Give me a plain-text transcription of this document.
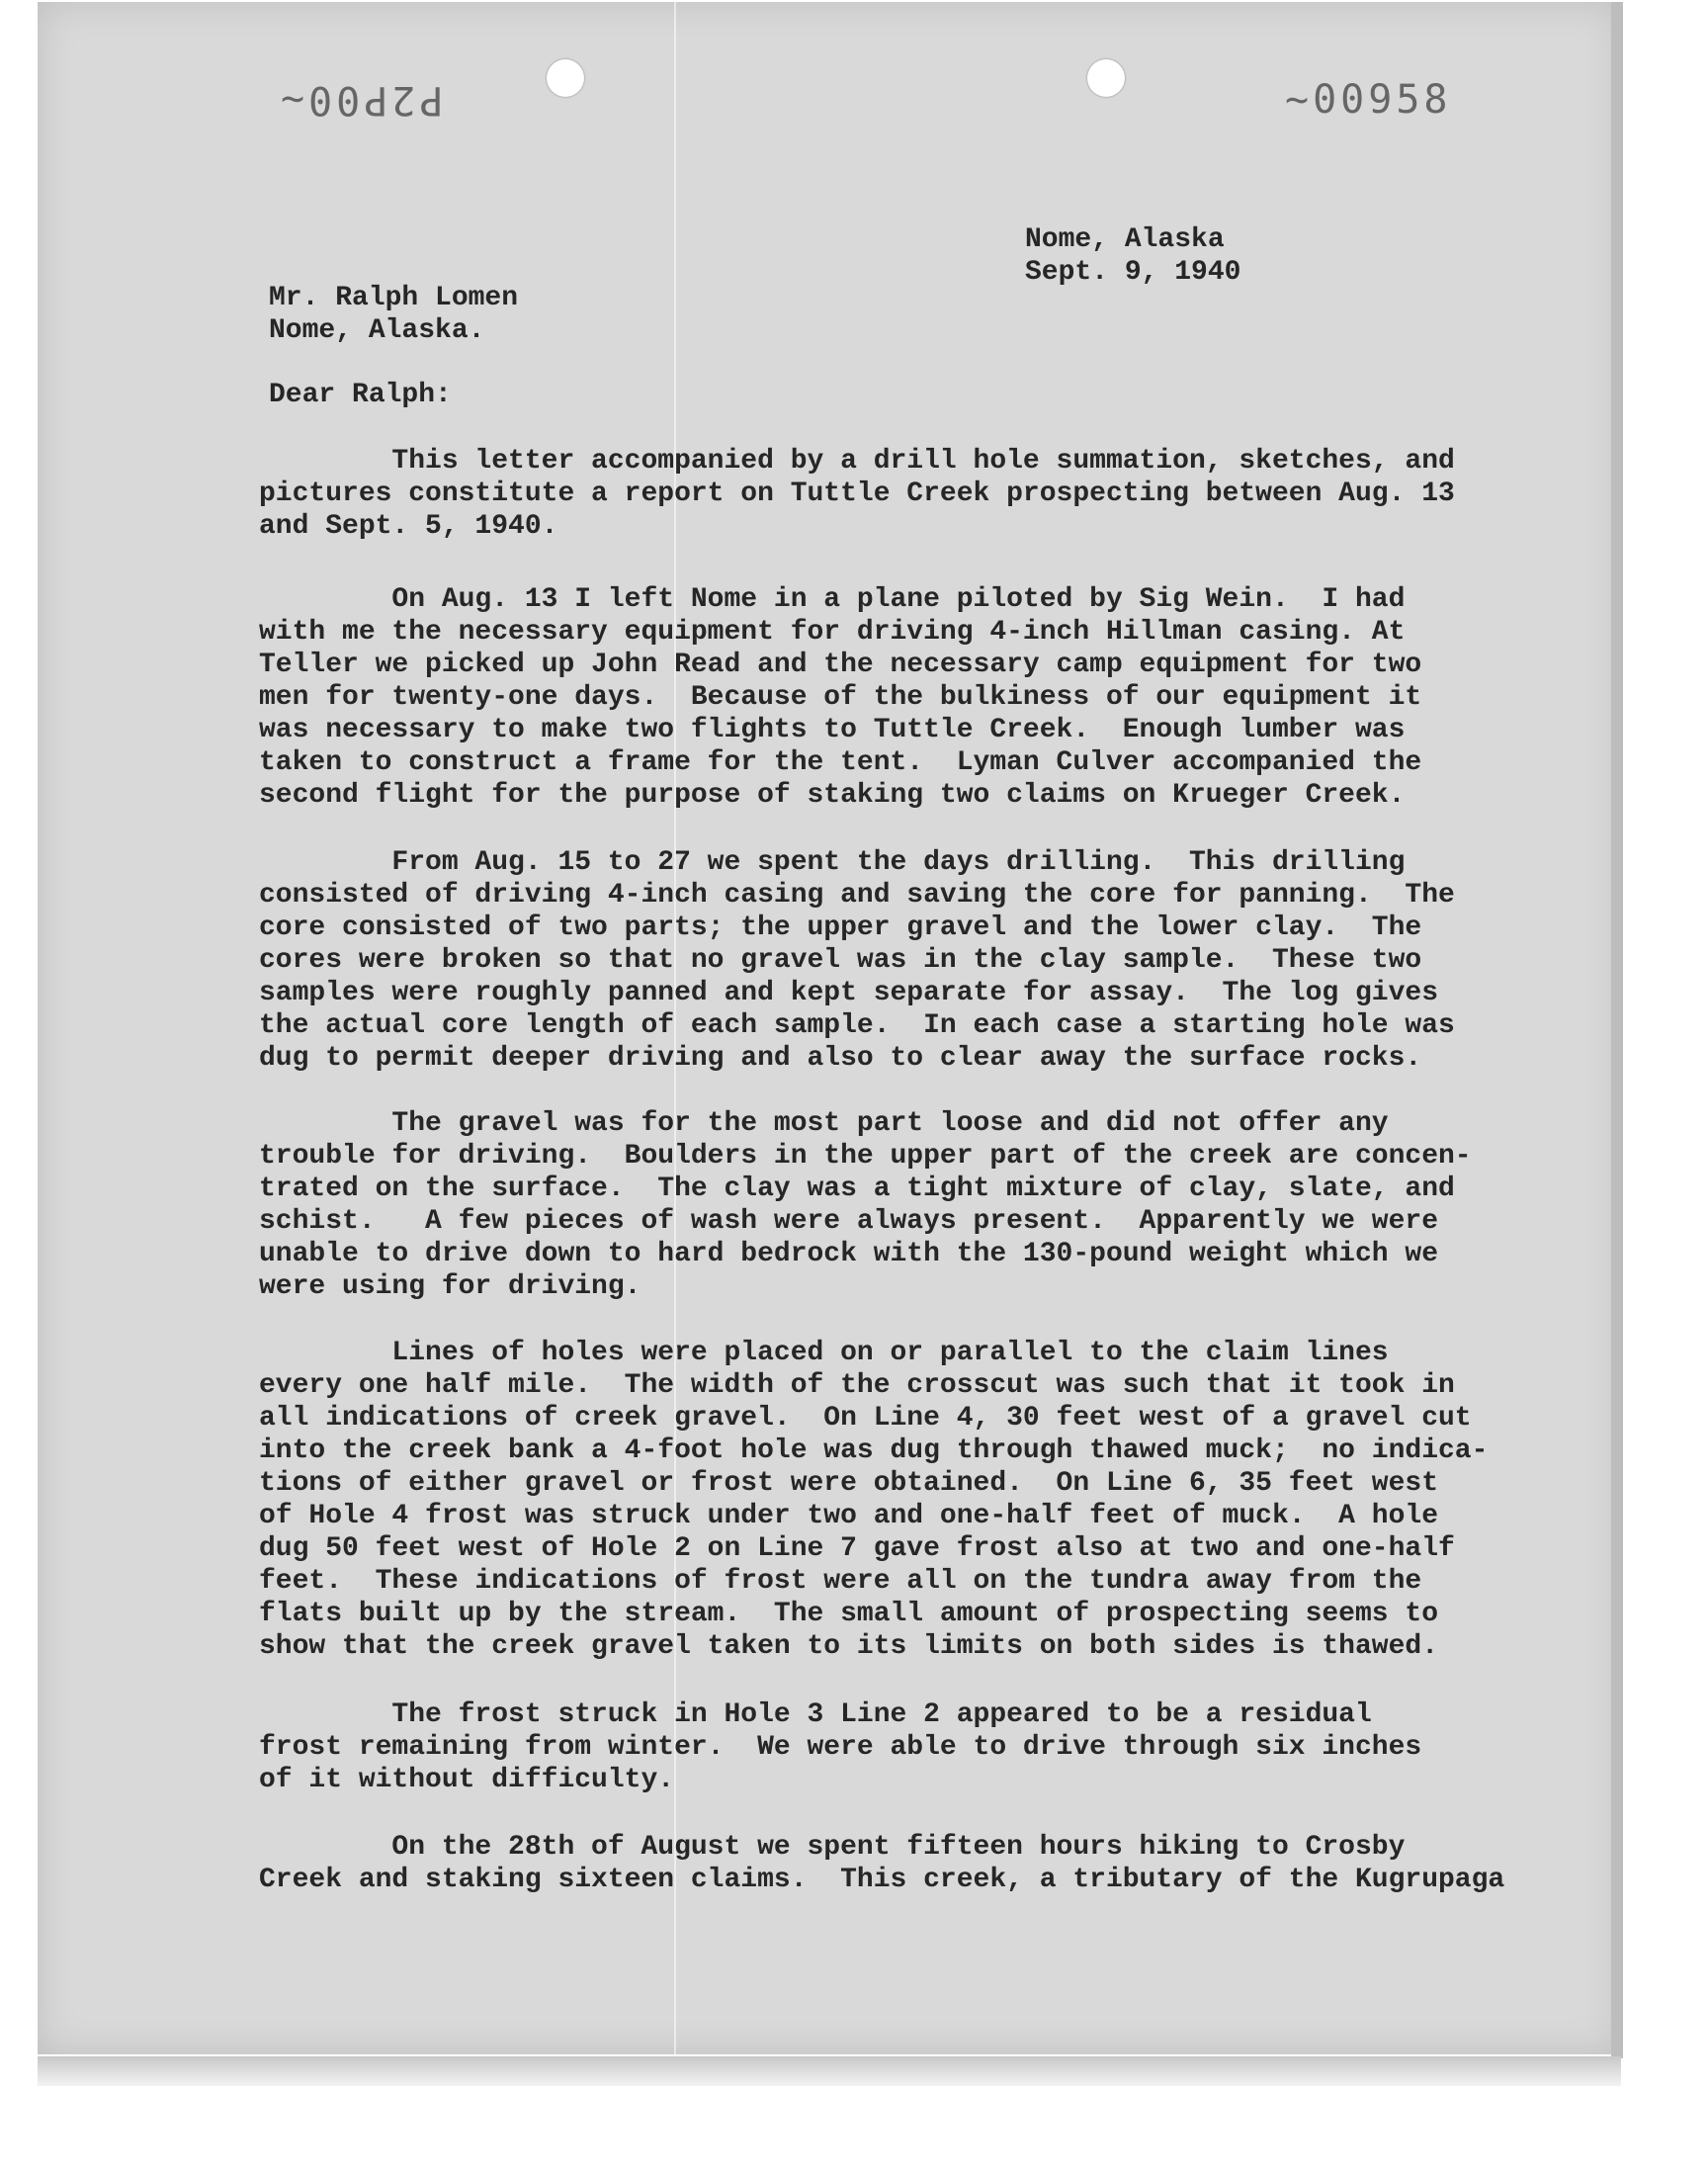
P2P00~	~00958
Nome, Alaska
Sept. 9, 1940
Mr. Ralph Lomen
Nome, Alaska.
Dear Ralph:
This letter accompanied by a drill hole summation, sketches, and
pictures constitute a report on Tuttle Creek prospecting between Aug. 13
and Sept. 5, 1940.
On Aug. 13 I left Nome in a plane piloted by Sig Wein.  I had
with me the necessary equipment for driving 4-inch Hillman casing. At
Teller we picked up John Read and the necessary camp equipment for two
men for twenty-one days.  Because of the bulkiness of our equipment it
was necessary to make two flights to Tuttle Creek.  Enough lumber was
taken to construct a frame for the tent.  Lyman Culver accompanied the
second flight for the purpose of staking two claims on Krueger Creek.
From Aug. 15 to 27 we spent the days drilling.  This drilling
consisted of driving 4-inch casing and saving the core for panning.  The
core consisted of two parts; the upper gravel and the lower clay.  The
cores were broken so that no gravel was in the clay sample.  These two
samples were roughly panned and kept separate for assay.  The log gives
the actual core length of each sample.  In each case a starting hole was
dug to permit deeper driving and also to clear away the surface rocks.
The gravel was for the most part loose and did not offer any
trouble for driving.  Boulders in the upper part of the creek are concen-
trated on the surface.  The clay was a tight mixture of clay, slate, and
schist.   A few pieces of wash were always present.  Apparently we were
unable to drive down to hard bedrock with the 130-pound weight which we
were using for driving.
Lines of holes were placed on or parallel to the claim lines
every one half mile.  The width of the crosscut was such that it took in
all indications of creek gravel.  On Line 4, 30 feet west of a gravel cut
into the creek bank a 4-foot hole was dug through thawed muck;  no indica-
tions of either gravel or frost were obtained.  On Line 6, 35 feet west
of Hole 4 frost was struck under two and one-half feet of muck.  A hole
dug 50 feet west of Hole 2 on Line 7 gave frost also at two and one-half
feet.  These indications of frost were all on the tundra away from the
flats built up by the stream.  The small amount of prospecting seems to
show that the creek gravel taken to its limits on both sides is thawed.
The frost struck in Hole 3 Line 2 appeared to be a residual
frost remaining from winter.  We were able to drive through six inches
of it without difficulty.
On the 28th of August we spent fifteen hours hiking to Crosby
Creek and staking sixteen claims.  This creek, a tributary of the Kugrupaga
